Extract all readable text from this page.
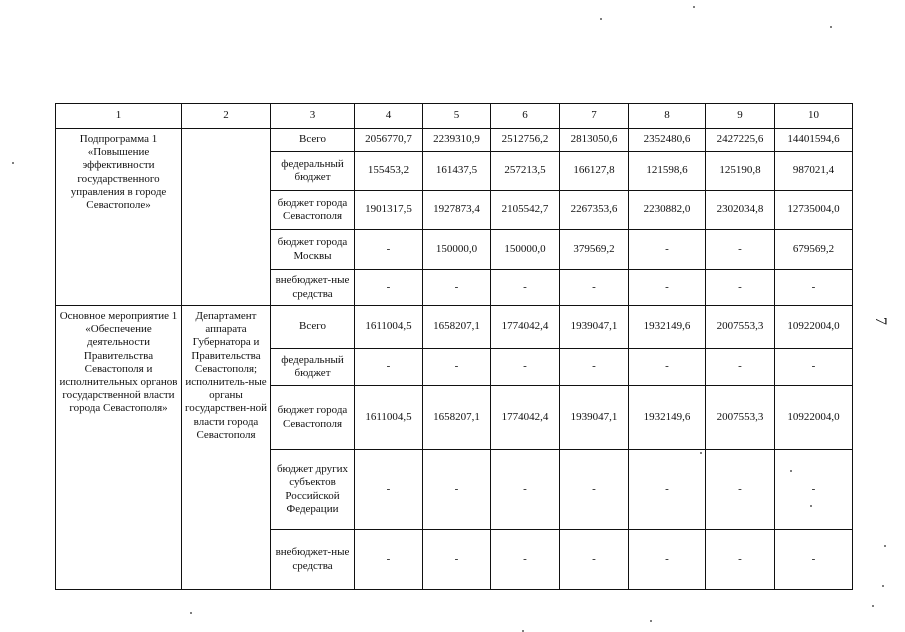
1	2	3	4	5	6	7	8	9	10
Подпрограмма 1 «Повышение эффективности государственного управления в городе Севастополе»		Всего	2056770,7	2239310,9	2512756,2	2813050,6	2352480,6	2427225,6	14401594,6
		федеральный бюджет	155453,2	161437,5	257213,5	166127,8	121598,6	125190,8	987021,4
		бюджет города Севастополя	1901317,5	1927873,4	2105542,7	2267353,6	2230882,0	2302034,8	12735004,0
		бюджет города Москвы	-	150000,0	150000,0	379569,2	-	-	679569,2
		внебюджет-ные средства	-	-	-	-	-	-	-
Основное мероприятие 1 «Обеспечение деятельности Правительства Севастополя и исполнительных органов государственной власти города Севастополя»	Департамент аппарата Губернатора и Правительства Севастополя; исполнитель-ные органы государствен-ной власти города Севастополя	Всего	1611004,5	1658207,1	1774042,4	1939047,1	1932149,6	2007553,3	10922004,0
		федеральный бюджет	-	-	-	-	-	-	-
		бюджет города Севастополя	1611004,5	1658207,1	1774042,4	1939047,1	1932149,6	2007553,3	10922004,0
		бюджет других субъектов Российской Федерации	-	-	-	-	-	-	-
		внебюджет-ные средства	-	-	-	-	-	-	-
7
